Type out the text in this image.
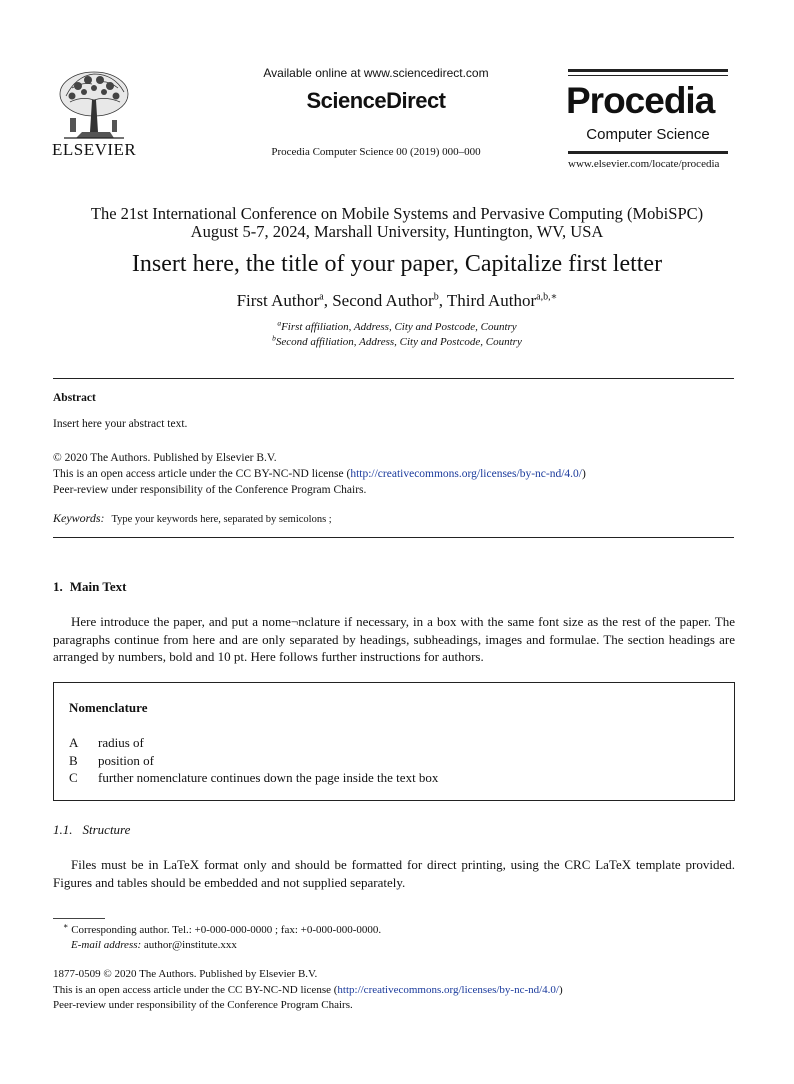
ELSEVIER
Available online at www.sciencedirect.com
ScienceDirect
Procedia Computer Science 00 (2019) 000–000
Procedia
Computer Science
www.elsevier.com/locate/procedia
The 21st International Conference on Mobile Systems and Pervasive Computing (MobiSPC)
August 5-7, 2024, Marshall University, Huntington, WV, USA
Insert here, the title of your paper, Capitalize first letter
First Author$^a$, Second Author$^b$, Third Author$^{a,b,∗}$
$^a$First affiliation, Address, City and Postcode, Country
$^b$Second affiliation, Address, City and Postcode, Country
Abstract
Insert here your abstract text.
© 2020 The Authors. Published by Elsevier B.V.
This is an open access article under the CC BY-NC-ND license (http://creativecommons.org/licenses/by-nc-nd/4.0/)
Peer-review under responsibility of the Conference Program Chairs.
Keywords: Type your keywords here, separated by semicolons ;
1. Main Text
Here introduce the paper, and put a nome¬nclature if necessary, in a box with the same font size as the rest of the paper. The paragraphs continue from here and are only separated by headings, subheadings, images and formulae. The section headings are arranged by numbers, bold and 10 pt. Here follows further instructions for authors.
Nomenclature
A	radius of
B	position of
C	further nomenclature continues down the page inside the text box
1.1. Structure
Files must be in LaTeX format only and should be formatted for direct printing, using the CRC LaTeX template provided. Figures and tables should be embedded and not supplied separately.
∗ Corresponding author. Tel.: +0-000-000-0000 ; fax: +0-000-000-0000.
E-mail address: author@institute.xxx
1877-0509 © 2020 The Authors. Published by Elsevier B.V.
This is an open access article under the CC BY-NC-ND license (http://creativecommons.org/licenses/by-nc-nd/4.0/)
Peer-review under responsibility of the Conference Program Chairs.
